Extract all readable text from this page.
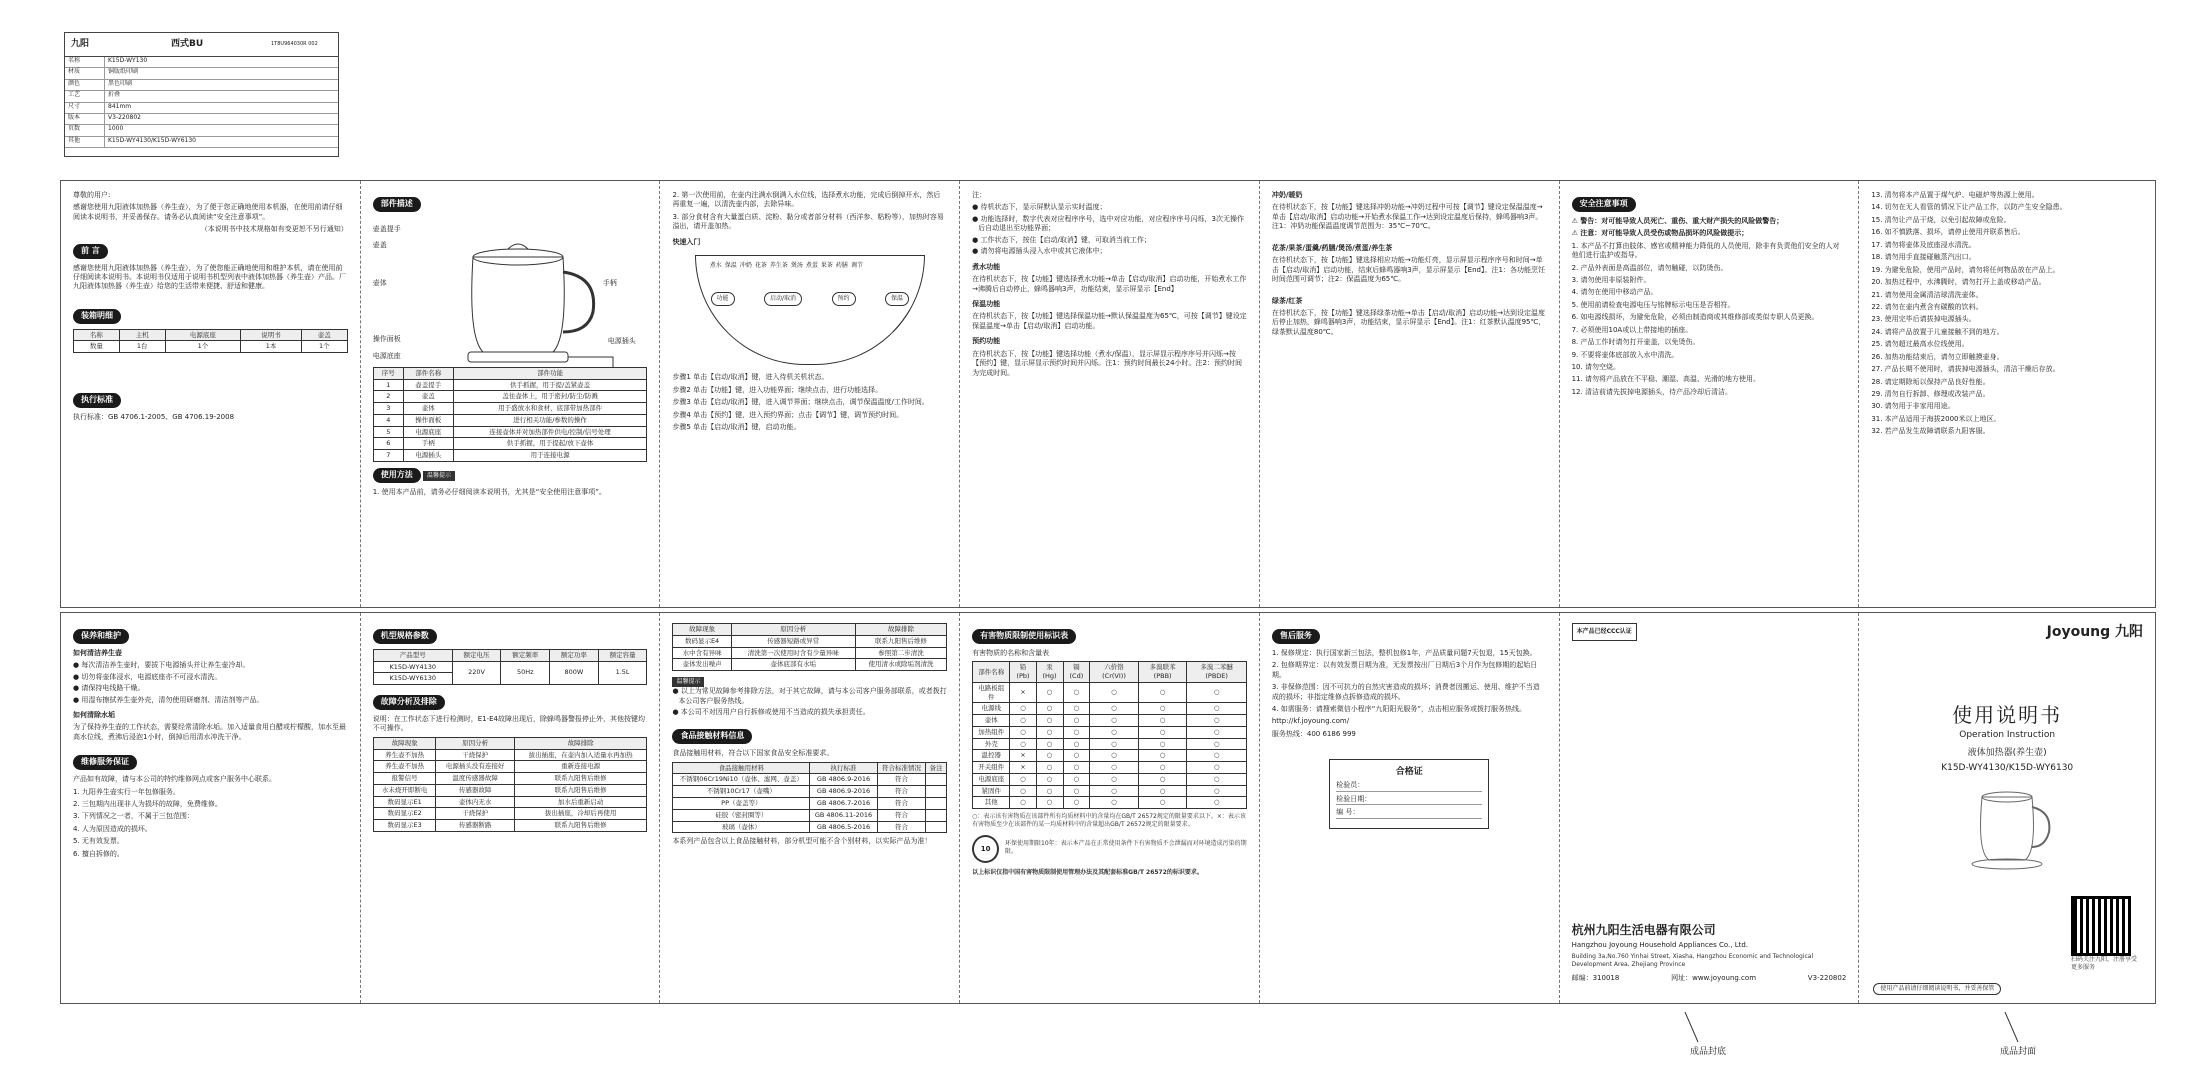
九阳	西式BU	1T8U964030R 002
名称	K15D-WY130
材质	铜版纸印刷
颜色	黑色印刷
工艺	折叠
尺寸	841mm
版本	V3-220802
页数	1000
其他	K15D-WY4130/K15D-WY6130

尊敬的用户:

感谢您使用九阳液体加热器（养生壶），为了便于您正确地使用本机器，在使用前请仔细阅读本说明书，并妥善保存。请务必认真阅读“安全注意事项”。

（本说明书中技术规格如有变更恕不另行通知）

前 言

感谢您使用九阳液体加热器（养生壶），为了使您能正确地使用和维护本机，请在使用前仔细阅读本说明书。本说明书仅适用于说明书机型列表中液体加热器（养生壶）产品。厂九阳液体加热器（养生壶）给您的生活带来便捷、舒适和健康。

装箱明细
名称	主机	电源底座	说明书	壶盖
数量	1台	1个	1本	1个
执行标准

执行标准：GB 4706.1-2005、GB 4706.19-2008

部件描述
壶盖提手
壶盖
壶体
操作面板
电源底座
手柄
电源插头
序号	部件名称	部件功能
1	壶盖提手	供手抓握，用于提/盖紧壶盖
2	壶盖	盖住壶体上，用于密封/防尘/防溅
3	壶体	用于盛放水和食材，底部带加热部件
4	操作面板	进行相关功能/参数的操作
5	电源底座	连接壶体并对加热部件供电/控制/信号处理
6	手柄	供手抓握，用于提起/放下壶体
7	电源插头	用于连接电源
使用方法 温馨提示

1. 使用本产品前，请务必仔细阅读本说明书，尤其是“安全使用注意事项”。

2. 第一次使用前，在壶内注满水倒满入水位线，选择煮水功能，完成后倒掉开水，然后再重复一遍，以清洗壶内部，去除异味。

3. 部分食材含有大量蛋白质、淀粉、黏分或者部分材料（西洋参、粘粉等），加热时容易溢出，请开盖加热。

快速入门

煮水 保温 冲奶 花茶 养生茶 煲汤 煮蛋 果茶 药膳 调节
功能	启动/取消	预约	保温

步骤1 单击【启动/取消】键，进入待机关机状态。

步骤2 单击【功能】键，进入功能界面；继续点击，进行功能选择。

步骤3 单击【启动/取消】键，进入调节界面；继续点击，调节保温温度/工作时间。

步骤4 单击【预约】键，进入预约界面；点击【调节】键，调节预约时间。

步骤5 单击【启动/取消】键，启动功能。

注：

● 待机状态下，显示屏默认显示实时温度；

● 功能选择时，数字代表对应程序序号，选中对应功能，对应程序序号闪烁，3次无操作后自动退出至功能界面；

● 工作状态下，按住【启动/取消】键，可取消当前工作；

● 请勿将电源插头浸入水中或其它液体中；

煮水功能

在待机状态下，按【功能】键选择煮水功能→单击【启动/取消】启动功能，开始煮水工作→沸腾后自动停止，蜂鸣器响3声，功能结束，显示屏显示【End】

保温功能

在待机状态下，按【功能】键选择保温功能→默认保温温度为65℃，可按【调节】键设定保温温度→单击【启动/取消】启动功能。

预约功能

在待机状态下，按【功能】键选择功能（煮水/保温），显示屏显示程序序号并闪烁→按【预约】键，显示屏显示预约时间并闪烁。注1：预约时间最长24小时。注2：预约时间为完成时间。

冲奶/暖奶

在待机状态下，按【功能】键选择冲奶功能→冲奶过程中可按【调节】键设定保温温度→单击【启动/取消】启动功能→开始煮水保温工作→达到设定温度后保持，蜂鸣器响3声。注1：冲奶功能保温温度调节范围为：35℃~70℃。

花茶/果茶/蛋羹/药膳/煲汤/煮蛋/养生茶

在待机状态下，按【功能】键选择相应功能→功能灯亮，显示屏显示程序序号和时间→单击【启动/取消】启动功能，结束后蜂鸣器响3声，显示屏显示【End】。注1：各功能烹饪时间范围可调节；注2：保温温度为65℃。

绿茶/红茶

在待机状态下，按【功能】键选择绿茶功能→单击【启动/取消】启动功能→达到设定温度后停止加热，蜂鸣器响3声，功能结束，显示屏显示【End】。注1：红茶默认温度95℃，绿茶默认温度80℃。

安全注意事项

⚠ 警告：对可能导致人员死亡、重伤、重大财产损失的风险做警告；

⚠ 注意：对可能导致人员受伤或物品损坏的风险做提示；

1. 本产品不打算由肢体、感官或精神能力降低的人员使用，除非有负责他们安全的人对他们进行监护或指导。

2. 产品外表面是高温部位，请勿触碰，以防烫伤。

3. 请勿使用非原装附件。

4. 请勿在使用中移动产品。

5. 使用前请检查电源电压与铭牌标示电压是否相符。

6. 如电源线损坏，为避免危险，必须由制造商或其维修部或类似专职人员更换。

7. 必须使用10A或以上带接地的插座。

8. 产品工作时请勿打开壶盖，以免烫伤。

9. 不要将壶体底部放入水中清洗。

10. 请勿空烧。

11. 请勿将产品放在不平稳、潮湿、高温、光滑的地方使用。

12. 清洁前请先拔掉电源插头，待产品冷却后清洁。

13. 清勿将本产品置于煤气炉、电磁炉等热源上使用。

14. 切勿在无人看管的情况下让产品工作，以防产生安全隐患。

15. 清勿让产品干烧，以免引起故障或危险。

16. 如不慎跌落、损坏，请停止使用并联系售后。

17. 请勿将壶体及底座浸水清洗。

18. 请勿用手直接碰触蒸汽出口。

19. 为避免危险，使用产品时，请勿将任何物品放在产品上。

20. 加热过程中，水沸腾时，请勿打开上盖或移动产品。

21. 请勿使用金属清洁球清洗壶体。

22. 请勿在壶内煮含有碳酸的饮料。

23. 使用完毕后请拔掉电源插头。

24. 请将产品放置于儿童接触不到的地方。

25. 请勿超过最高水位线使用。

26. 加热功能结束后，请勿立即触摸壶身。

27. 产品长期不使用时，请拔掉电源插头，清洁干燥后存放。

28. 请定期除垢以保持产品良好性能。

29. 清勿自行拆卸、修理或改装产品。

30. 请勿用于非家用用途。

31. 本产品适用于海拔2000米以上地区。

32. 若产品发生故障请联系九阳客服。

保养和维护

如何清洁养生壶

● 每次清洁养生壶时，要拔下电源插头并让养生壶冷却。

● 切勿将壶体浸水，电源底座亦不可浸水清洗。

● 请保持电线路干燥。

● 用湿布擦拭养生壶外壳，清勿使用研磨剂、清洁剂等产品。

如何清除水垢

为了保持养生壶的工作状态，需要经常清除水垢。加入适量食用白醋或柠檬酸，加水至最高水位线，煮沸后浸泡1小时，倒掉后用清水冲洗干净。

维修服务保证

产品如有故障，请与本公司的特约维修网点或客户服务中心联系。

1. 九阳养生壶实行一年包修服务。

2. 三包期内出现非人为损坏的故障，免费维修。

3. 下列情况之一者，不属于三包范围：

4. 人为原因造成的损坏。

5. 无有效发票。

6. 擅自拆修的。

机型规格参数
产品型号	额定电压	额定频率	额定功率	额定容量
K15D-WY4130	220V	50Hz	800W	1.5L
K15D-WY6130				
故障分析及排除

说明：在工作状态下进行检测时，E1-E4故障出现后，除蜂鸣器警报停止外，其他按键均不可操作。

故障现象	原因分析	故障排除
养生壶不加热	干烧保护	拔出插座，在壶内加入适量水再加热
养生壶不加热	电源插头没有连接好	重新连接电源
报警信号	温度传感器故障	联系九阳售后维修
水未烧开即断电	传感器故障	联系九阳售后维修
数码显示E1	壶体内无水	加水后重新启动
数码显示E2	干烧保护	拔出插座，冷却后再使用
数码显示E3	传感器断路	联系九阳售后维修
故障现象	原因分析	故障排除
数码显示E4	传感器短路或异常	联系九阳售后维修
水中含有异味	清洗第一次使用时含有少量异味	参照第二步清洗
壶体发出噪声	壶体底部有水垢	使用清水或除垢剂清洗
温馨提示

● 以上为常见故障参考排除方法，对于其它故障，请与本公司客户服务部联系，或者拨打本公司客户服务热线。

● 本公司不对因用户自行拆修或使用不当造成的损失承担责任。

食品接触材料信息

食品接触用材料，符合以下国家食品安全标准要求。

食品接触用材料	执行标准	符合标准情况	备注
不锈钢06Cr19Ni10（壶体、滤网、壶盖）	GB 4806.9-2016	符合	
不锈钢10Cr17（壶嘴）	GB 4806.9-2016	符合	
PP（壶盖等）	GB 4806.7-2016	符合	
硅胶（密封圈等）	GB 4806.11-2016	符合	
玻璃（壶体）	GB 4806.5-2016	符合	

本系列产品包含以上食品接触材料，部分机型可能不含个别材料，以实际产品为准！

有害物质限制使用标识表

有害物质的名称和含量表

部件名称	铅(Pb)	汞(Hg)	镉(Cd)	六价铬(Cr(VI))	多溴联苯(PBB)	多溴二苯醚(PBDE)
电路板组件	×	○	○	○	○	○
电源线	○	○	○	○	○	○
壶体	○	○	○	○	○	○
加热组件	○	○	○	○	○	○
外壳	○	○	○	○	○	○
温控器	×	○	○	○	○	○
开关组件	×	○	○	○	○	○
电源底座	○	○	○	○	○	○
紧固件	○	○	○	○	○	○
其他	○	○	○	○	○	○

○：表示该有害物质在该部件所有均质材料中的含量均在GB/T 26572规定的限量要求以下。×：表示该有害物质至少在该部件的某一均质材料中的含量超出GB/T 26572规定的限量要求。

10

环保使用期限10年：表示本产品在正常使用条件下有害物质不会泄漏而对环境造成污染的期限。

以上标识仅指中国有害物质限制使用管理办法及其配套标准GB/T 26572的标识要求。

售后服务

1. 保修规定：执行国家新三包法，整机包修1年，产品质量问题7天包退，15天包换。

2. 包修期界定：以有效发票日期为准，无发票按出厂日期后3个月作为包修期的起始日期。

3. 非保修范围：因不可抗力的自然灾害造成的损坏；消费者因搬运、使用、维护不当造成的损坏；非指定维修点拆修造成的损坏。

4. 如需服务：请搜索微信小程序“九阳阳光服务”，点击相应服务或拨打服务热线。

http://kf.joyoung.com/

服务热线：400 6186 999

合格证

检验员：

检验日期：

编 号：

本产品已经CCC认证

杭州九阳生活电器有限公司

Hangzhou Joyoung Household Appliances Co., Ltd.

Building 3a,No.760 Yinhai Street, Xiasha, Hangzhou Economic and Technological Development Area, Zhejiang Province

邮编：310018	网址：www.joyoung.com	V3-220802
Joyoung 九阳
使用说明书

Operation Instruction

液体加热器(养生壶)

K15D-WY4130/K15D-WY6130

扫码关注九阳，注册享受更多服务

使用产品前请仔细阅读说明书，并妥善保管
成品封底	成品封面
